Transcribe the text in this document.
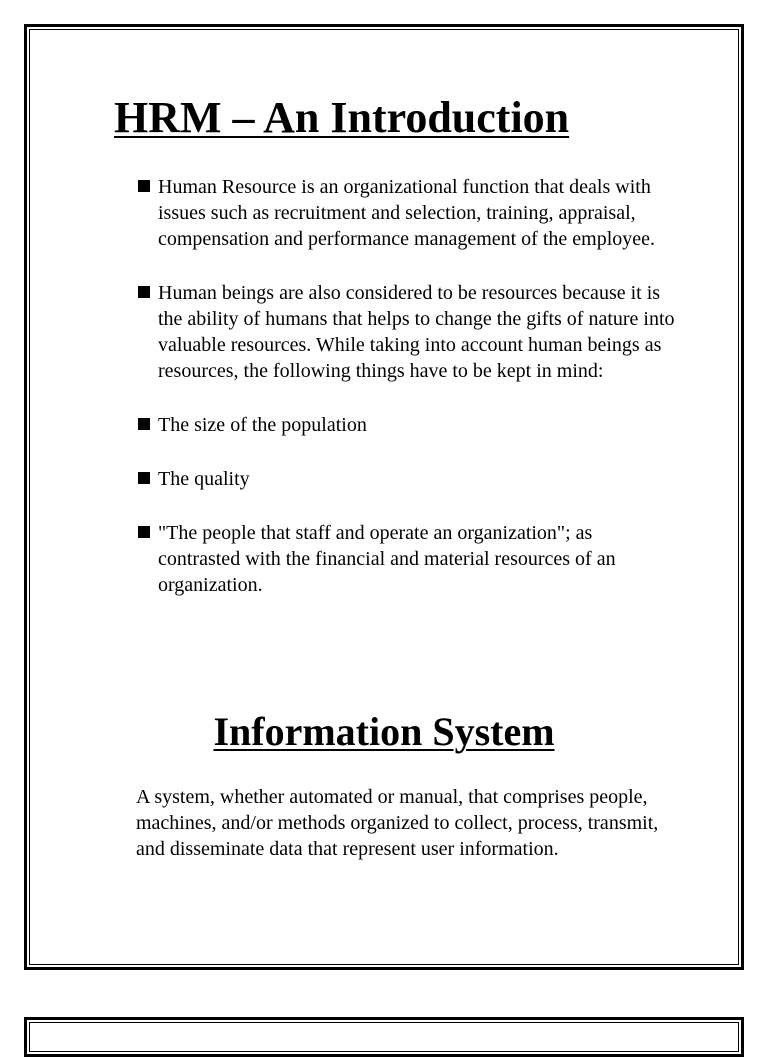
HRM – An Introduction
Human Resource is an organizational function that deals with issues such as recruitment and selection, training, appraisal, compensation and performance management of the employee.
Human beings are also considered to be resources because it is the ability of humans that helps to change the gifts of nature into valuable resources. While taking into account human beings as resources, the following things have to be kept in mind:
The size of the population
The quality
"The people that staff and operate an organization"; as contrasted with the financial and material resources of an organization.
Information System

A system, whether automated or manual, that comprises people, machines, and/or methods organized to collect, process, transmit, and disseminate data that represent user information.
